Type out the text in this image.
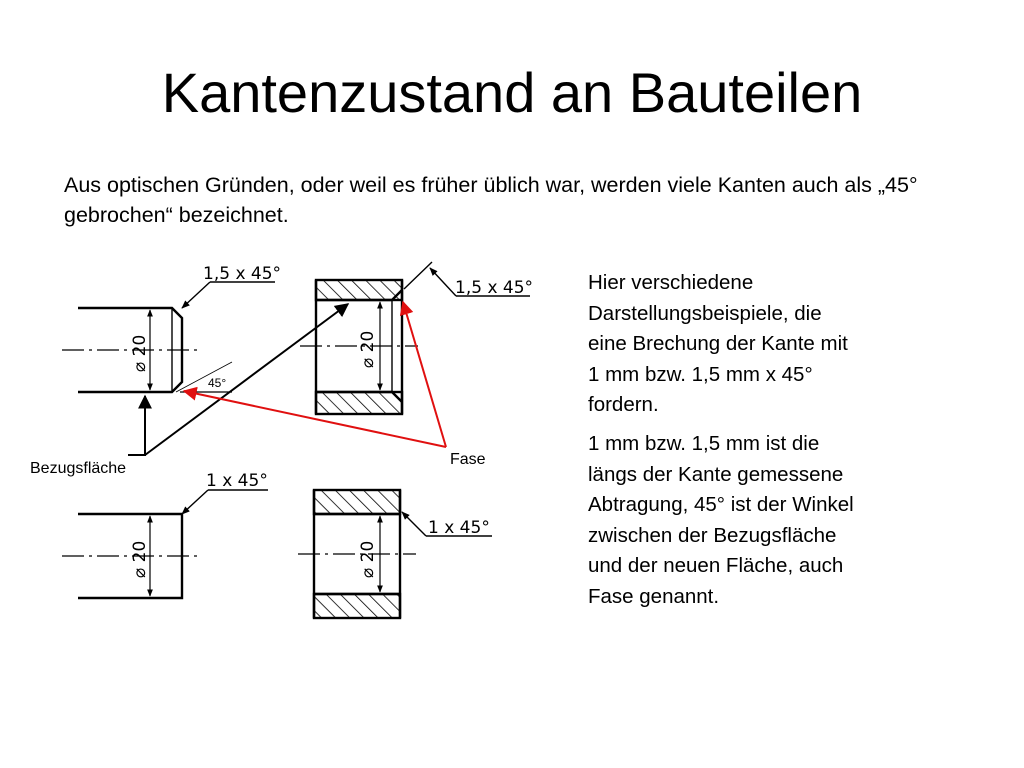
Kantenzustand an Bauteilen
Aus optischen Gründen, oder weil es früher üblich war, werden viele Kanten auch als „45° gebrochen“ bezeichnet.

Hier verschiedene Darstellungsbeispiele, die eine Brechung der Kante mit 1 mm bzw. 1,5 mm x 45° fordern.

1 mm bzw. 1,5 mm ist die längs der Kante gemessene Abtragung, 45° ist der Winkel zwischen der Bezugsfläche und der neuen Fläche, auch Fase genannt.

⌀ 20
1,5 x 45°
45°
⌀ 20
1,5 x 45°
⌀ 20
1 x 45°
⌀ 20
1 x 45°
Bezugsfläche
Fase
